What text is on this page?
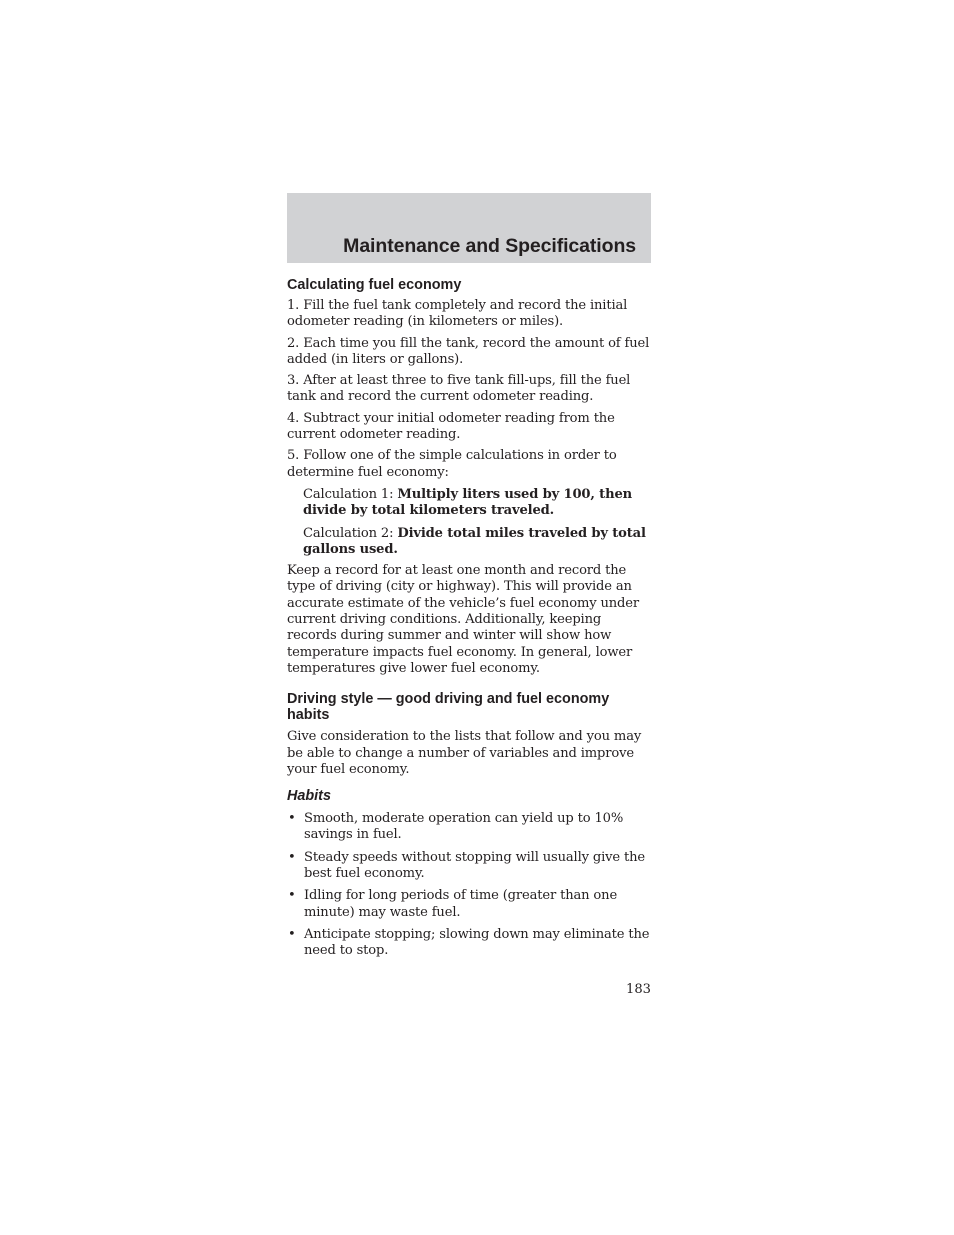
Maintenance and Specifications
Calculating fuel economy

1. Fill the fuel tank completely and record the initial odometer reading (in kilometers or miles).

2. Each time you fill the tank, record the amount of fuel added (in liters or gallons).

3. After at least three to five tank fill-ups, fill the fuel tank and record the current odometer reading.

4. Subtract your initial odometer reading from the current odometer reading.

5. Follow one of the simple calculations in order to determine fuel economy:

Calculation 1: Multiply liters used by 100, then divide by total kilometers traveled.

Calculation 2: Divide total miles traveled by total gallons used.

Keep a record for at least one month and record the type of driving (city or highway). This will provide an accurate estimate of the vehicle’s fuel economy under current driving conditions. Additionally, keeping records during summer and winter will show how temperature impacts fuel economy. In general, lower temperatures give lower fuel economy.

Driving style — good driving and fuel economy habits

Give consideration to the lists that follow and you may be able to change a number of variables and improve your fuel economy.

Habits
• Smooth, moderate operation can yield up to 10% savings in fuel.
• Steady speeds without stopping will usually give the best fuel economy.
• Idling for long periods of time (greater than one minute) may waste fuel.
• Anticipate stopping; slowing down may eliminate the need to stop.
183
